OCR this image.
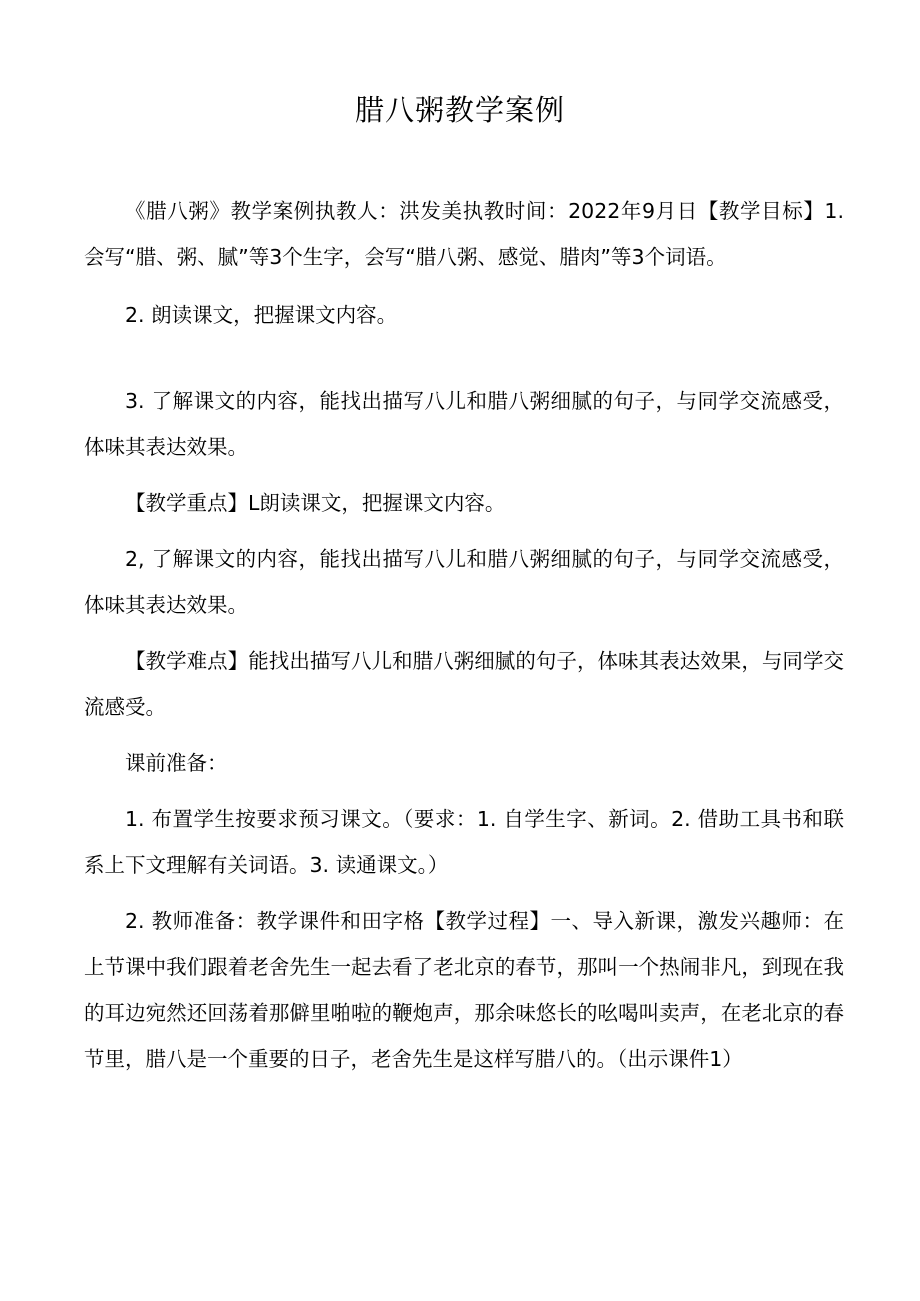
腊八粥教学案例

《腊八粥》教学案例执教人：洪发美执教时间：2022年9月日【教学目标】1. 会写“腊、粥、腻”等3个生字，会写“腊八粥、感觉、腊肉”等3个词语。

2. 朗读课文，把握课文内容。

3. 了解课文的内容，能找出描写八儿和腊八粥细腻的句子，与同学交流感受，体味其表达效果。

【教学重点】L朗读课文，把握课文内容。

2, 了解课文的内容，能找出描写八儿和腊八粥细腻的句子，与同学交流感受，体味其表达效果。

【教学难点】能找出描写八儿和腊八粥细腻的句子，体味其表达效果，与同学交流感受。

课前准备：

1. 布置学生按要求预习课文。（要求：1. 自学生字、新词。2. 借助工具书和联系上下文理解有关词语。3. 读通课文。）

2. 教师准备：教学课件和田字格【教学过程】一、导入新课，激发兴趣师：在上节课中我们跟着老舍先生一起去看了老北京的春节，那叫一个热闹非凡，到现在我的耳边宛然还回荡着那僻里啪啦的鞭炮声，那余味悠长的吆喝叫卖声，在老北京的春节里，腊八是一个重要的日子，老舍先生是这样写腊八的。（出示课件1）
